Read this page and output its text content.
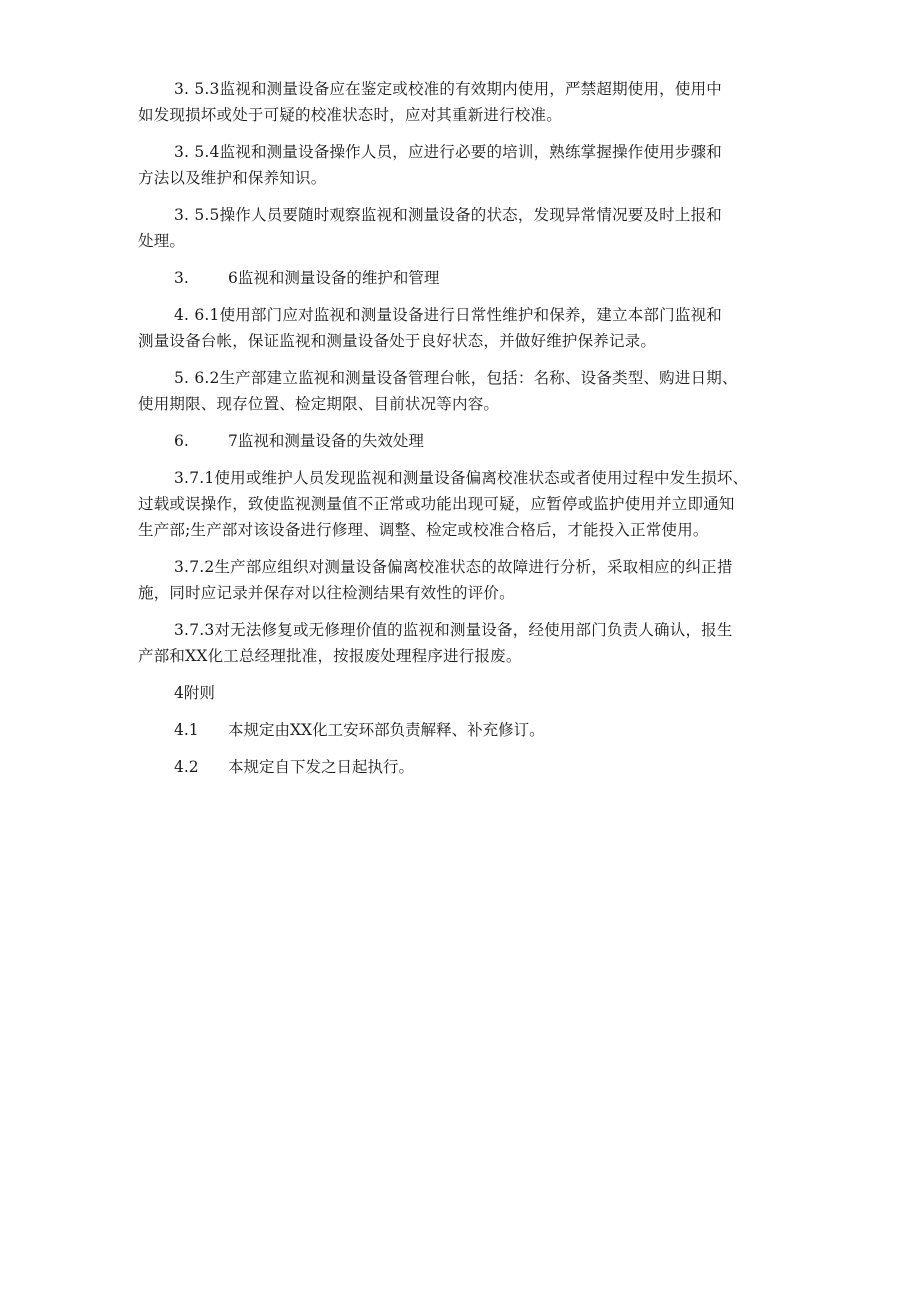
3. 5.3监视和测量设备应在鉴定或校准的有效期内使用，严禁超期使用，使用中
如发现损坏或处于可疑的校准状态时，应对其重新进行校准。

3. 5.4监视和测量设备操作人员，应进行必要的培训，熟练掌握操作使用步骤和
方法以及维护和保养知识。

3. 5.5操作人员要随时观察监视和测量设备的状态，发现异常情况要及时上报和
处理。

3.	6监视和测量设备的维护和管理

4. 6.1使用部门应对监视和测量设备进行日常性维护和保养，建立本部门监视和
测量设备台帐，保证监视和测量设备处于良好状态，并做好维护保养记录。

5. 6.2生产部建立监视和测量设备管理台帐，包括：名称、设备类型、购进日期、
使用期限、现存位置、检定期限、目前状况等内容。

6.	7监视和测量设备的失效处理

3.7.1使用或维护人员发现监视和测量设备偏离校准状态或者使用过程中发生损坏、
过载或误操作，致使监视测量值不正常或功能出现可疑，应暂停或监护使用并立即通知
生产部;生产部对该设备进行修理、调整、检定或校准合格后，才能投入正常使用。

3.7.2生产部应组织对测量设备偏离校准状态的故障进行分析，采取相应的纠正措
施，同时应记录并保存对以往检测结果有效性的评价。

3.7.3对无法修复或无修理价值的监视和测量设备，经使用部门负责人确认，报生
产部和XX化工总经理批准，按报废处理程序进行报废。

4附则
4.1 本规定由XX化工安环部负责解释、补充修订。
4.2 本规定自下发之日起执行。
